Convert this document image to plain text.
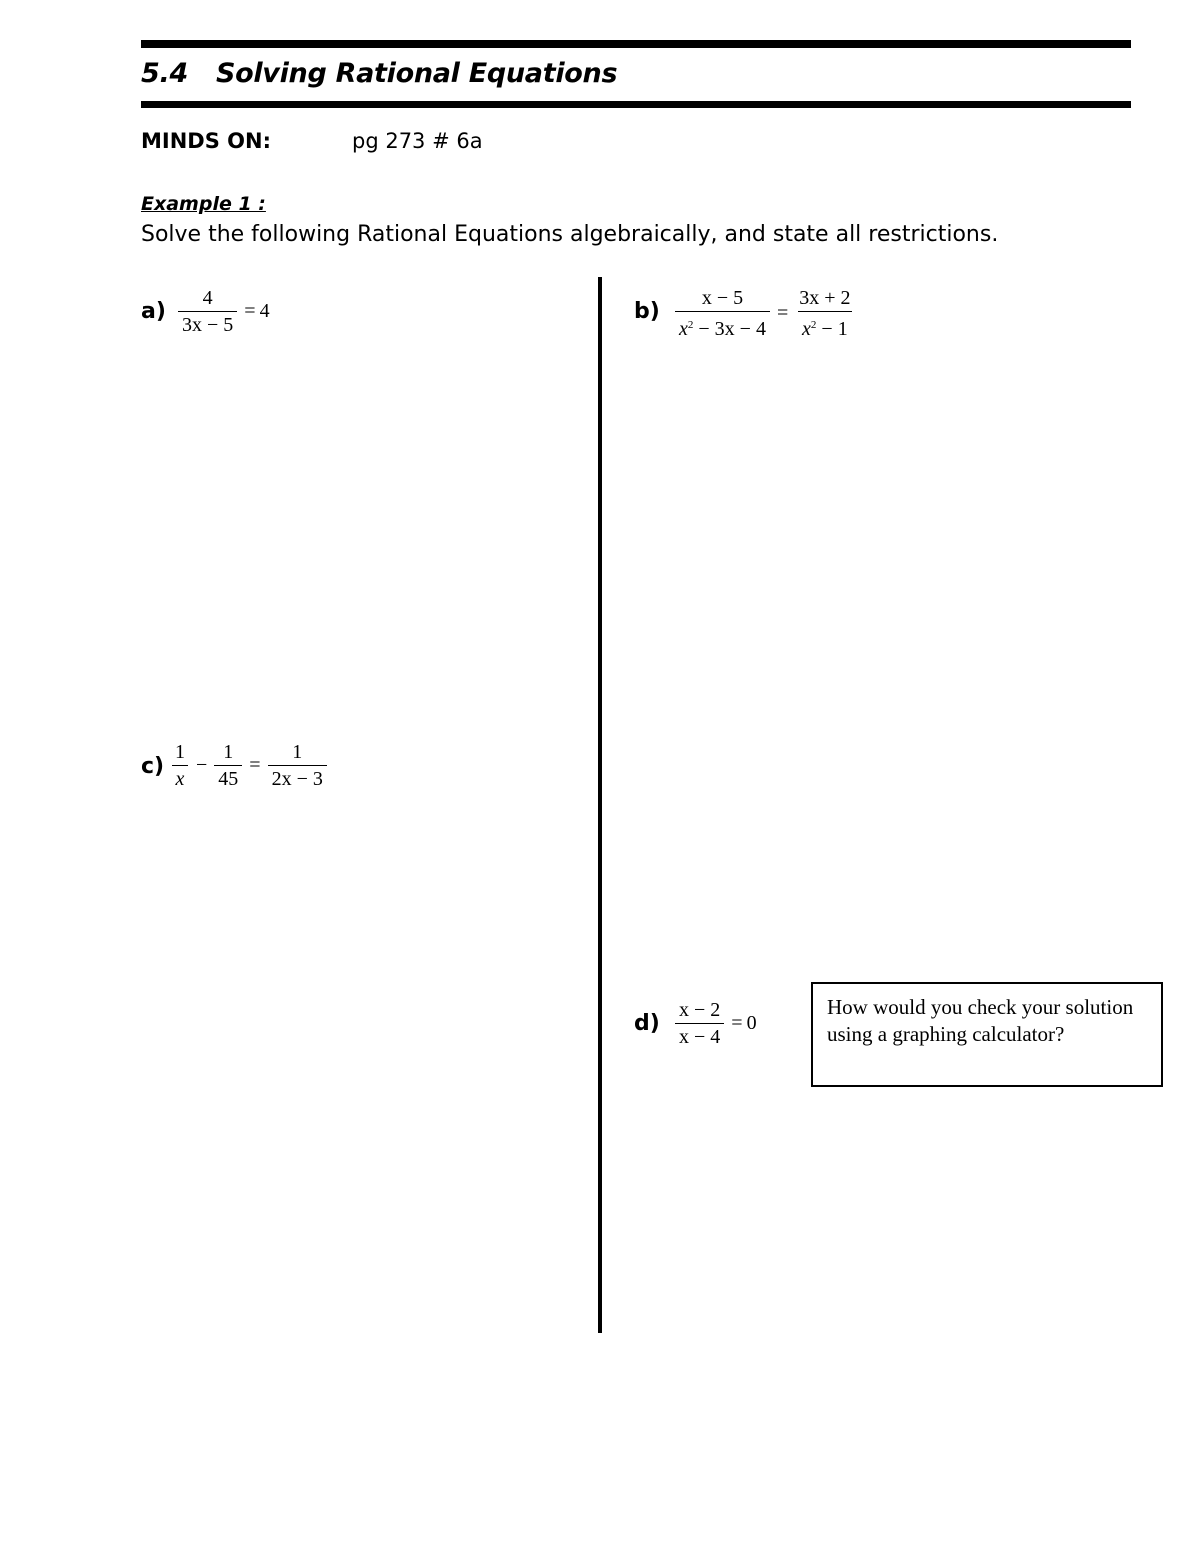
5.4 Solving Rational Equations
MINDS ON:	pg 273 # 6a
Example 1 :
Solve the following Rational Equations algebraically, and state all restrictions.
$a) \frac{4}{3x - 5} = 4$	$b) \frac{x - 5}{x^2 - 3x - 4} = \frac{3x + 2}{x^2 - 1}$
$c) \frac{1}{x} - \frac{1}{45} = \frac{1}{2x - 3}$
$d) \frac{x - 2}{x - 4} = 0$
How would you check your solution using a graphing calculator?
